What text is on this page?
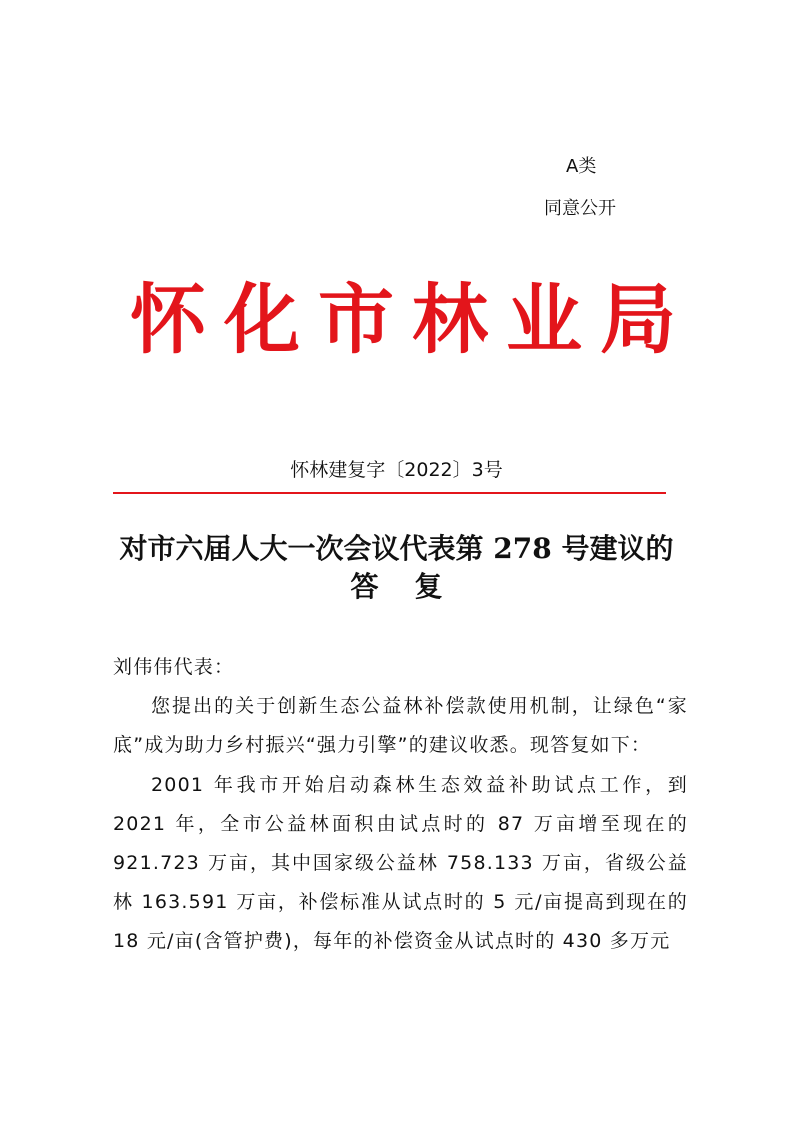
A类
同意公开
怀化市林业局
怀林建复字〔2022〕3号
对市六届人大一次会议代表第 278 号建议的
答复

刘伟伟代表：

您提出的关于创新生态公益林补偿款使用机制，让绿色“家底”成为助力乡村振兴“强力引擎”的建议收悉。现答复如下：

2001 年我市开始启动森林生态效益补助试点工作，到 2021 年，全市公益林面积由试点时的 87 万亩增至现在的 921.723 万亩，其中国家级公益林 758.133 万亩，省级公益林 163.591 万亩，补偿标准从试点时的 5 元/亩提高到现在的 18 元/亩(含管护费)，每年的补偿资金从试点时的 430 多万元
